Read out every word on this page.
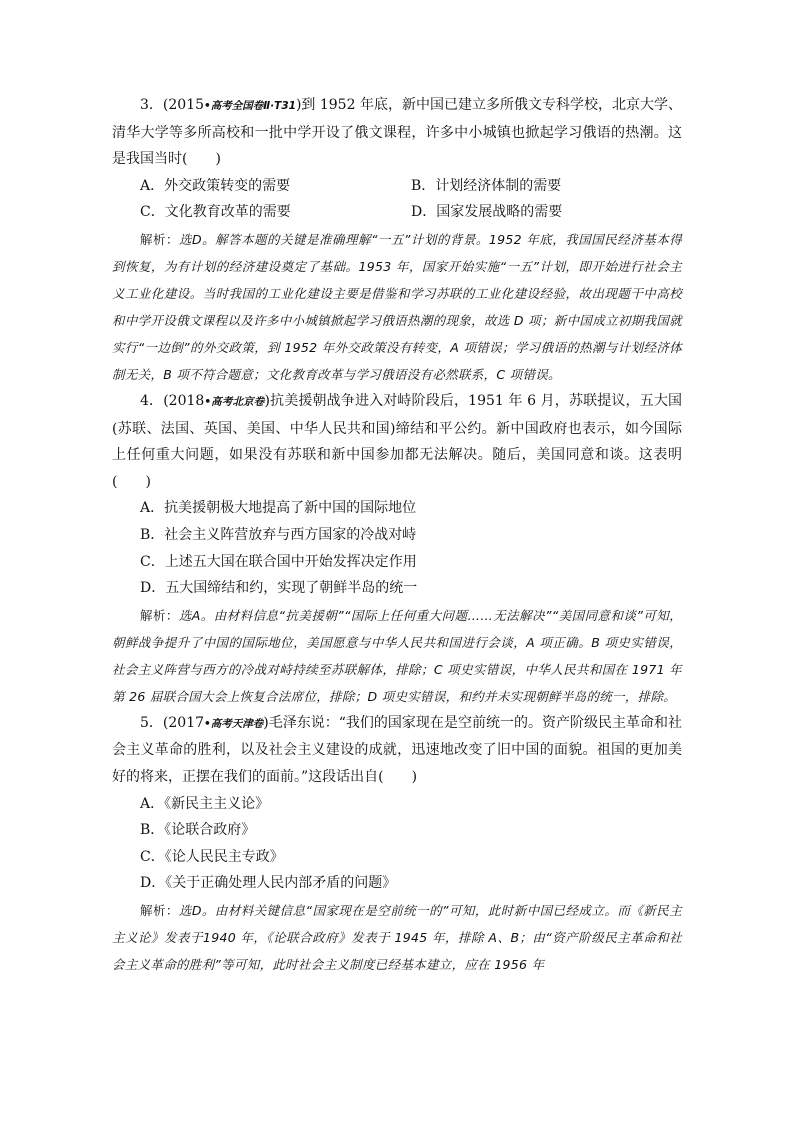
3．(2015•高考全国卷Ⅱ·T31)到 1952 年底，新中国已建立多所俄文专科学校，北京大学、清华大学等多所高校和一批中学开设了俄文课程，许多中小城镇也掀起学习俄语的热潮。这是我国当时(　　)

A．外交政策转变的需要	B．计划经济体制的需要
C．文化教育改革的需要	D．国家发展战略的需要

解析：选D。解答本题的关键是准确理解“一五”计划的背景。1952 年底，我国国民经济基本得到恢复，为有计划的经济建设奠定了基础。1953 年，国家开始实施“一五”计划，即开始进行社会主义工业化建设。当时我国的工业化建设主要是借鉴和学习苏联的工业化建设经验，故出现题干中高校和中学开设俄文课程以及许多中小城镇掀起学习俄语热潮的现象，故选 D 项；新中国成立初期我国就实行“一边倒”的外交政策，到 1952 年外交政策没有转变，A 项错误；学习俄语的热潮与计划经济体制无关，B 项不符合题意；文化教育改革与学习俄语没有必然联系，C 项错误。

4．(2018•高考北京卷)抗美援朝战争进入对峙阶段后，1951 年 6 月，苏联提议，五大国(苏联、法国、英国、美国、中华人民共和国)缔结和平公约。新中国政府也表示，如今国际上任何重大问题，如果没有苏联和新中国参加都无法解决。随后，美国同意和谈。这表明(　　)

A．抗美援朝极大地提高了新中国的国际地位

B．社会主义阵营放弃与西方国家的冷战对峙

C．上述五大国在联合国中开始发挥决定作用

D．五大国缔结和约，实现了朝鲜半岛的统一

解析：选A。由材料信息“抗美援朝”“国际上任何重大问题……无法解决”“美国同意和谈”可知，朝鲜战争提升了中国的国际地位，美国愿意与中华人民共和国进行会谈，A 项正确。B 项史实错误，社会主义阵营与西方的冷战对峙持续至苏联解体，排除；C 项史实错误，中华人民共和国在 1971 年第 26 届联合国大会上恢复合法席位，排除；D 项史实错误，和约并未实现朝鲜半岛的统一，排除。

5．(2017•高考天津卷)毛泽东说：“我们的国家现在是空前统一的。资产阶级民主革命和社会主义革命的胜利，以及社会主义建设的成就，迅速地改变了旧中国的面貌。祖国的更加美好的将来，正摆在我们的面前。”这段话出自(　　)

A．《新民主主义论》

B．《论联合政府》

C．《论人民民主专政》

D．《关于正确处理人民内部矛盾的问题》

解析：选D。由材料关键信息“国家现在是空前统一的”可知，此时新中国已经成立。而《新民主主义论》发表于1940 年，《论联合政府》发表于 1945 年，排除 A、B；由“资产阶级民主革命和社会主义革命的胜利”等可知，此时社会主义制度已经基本建立，应在 1956 年
